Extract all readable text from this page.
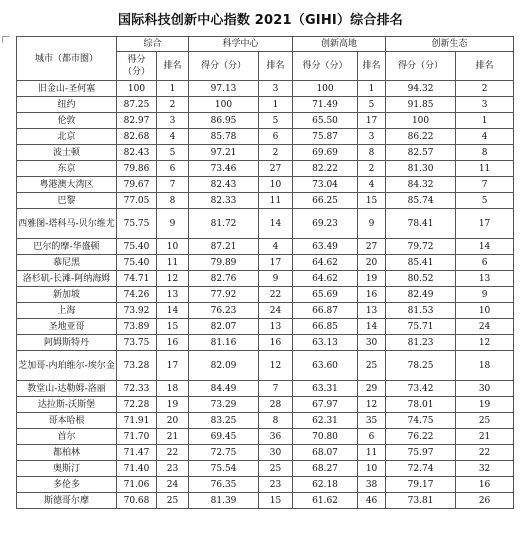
国际科技创新中心指数 2021（GIHI）综合排名
城市（都市圈）	综合		科学中心		创新高地		创新生态	
	得分（分）	排名	得分（分）	排名	得分（分）	排名	得分（分）	排名
旧金山-圣何塞	100	1	97.13	3	100	1	94.32	2
纽约	87.25	2	100	1	71.49	5	91.85	3
伦敦	82.97	3	86.95	5	65.50	17	100	1
北京	82.68	4	85.78	6	75.87	3	86.22	4
波士顿	82.43	5	97.21	2	69.69	8	82.57	8
东京	79.86	6	73.46	27	82.22	2	81.30	11
粤港澳大湾区	79.67	7	82.43	10	73.04	4	84.32	7
巴黎	77.05	8	82.33	11	66.25	15	85.74	5
西雅图-塔科马-贝尔维尤	75.75	9	81.72	14	69.23	9	78.41	17
巴尔的摩-华盛顿	75.40	10	87.21	4	63.49	27	79.72	14
慕尼黑	75.40	11	79.89	17	64.62	20	85.41	6
洛杉矶-长滩-阿纳海姆	74.71	12	82.76	9	64.62	19	80.52	13
新加坡	74.26	13	77.92	22	65.69	16	82.49	9
上海	73.92	14	76.23	24	66.87	13	81.53	10
圣地亚哥	73.89	15	82.07	13	66.85	14	75.71	24
阿姆斯特丹	73.75	16	81.16	16	63.13	30	81.23	12
芝加哥-内珀维尔-埃尔金	73.28	17	82.09	12	63.60	25	78.25	18
教堂山-达勒姆-洛丽	72.33	18	84.49	7	63.31	29	73.42	30
达拉斯-沃斯堡	72.28	19	73.29	28	67.97	12	78.01	19
哥本哈根	71.91	20	83.25	8	62.31	35	74.75	25
首尔	71.70	21	69.45	36	70.80	6	76.22	21
都柏林	71.47	22	72.75	30	68.07	11	75.97	22
奥斯汀	71.40	23	75.54	25	68.27	10	72.74	32
多伦多	71.06	24	76.35	23	62.18	38	79.17	16
斯德哥尔摩	70.68	25	81.39	15	61.62	46	73.81	26
